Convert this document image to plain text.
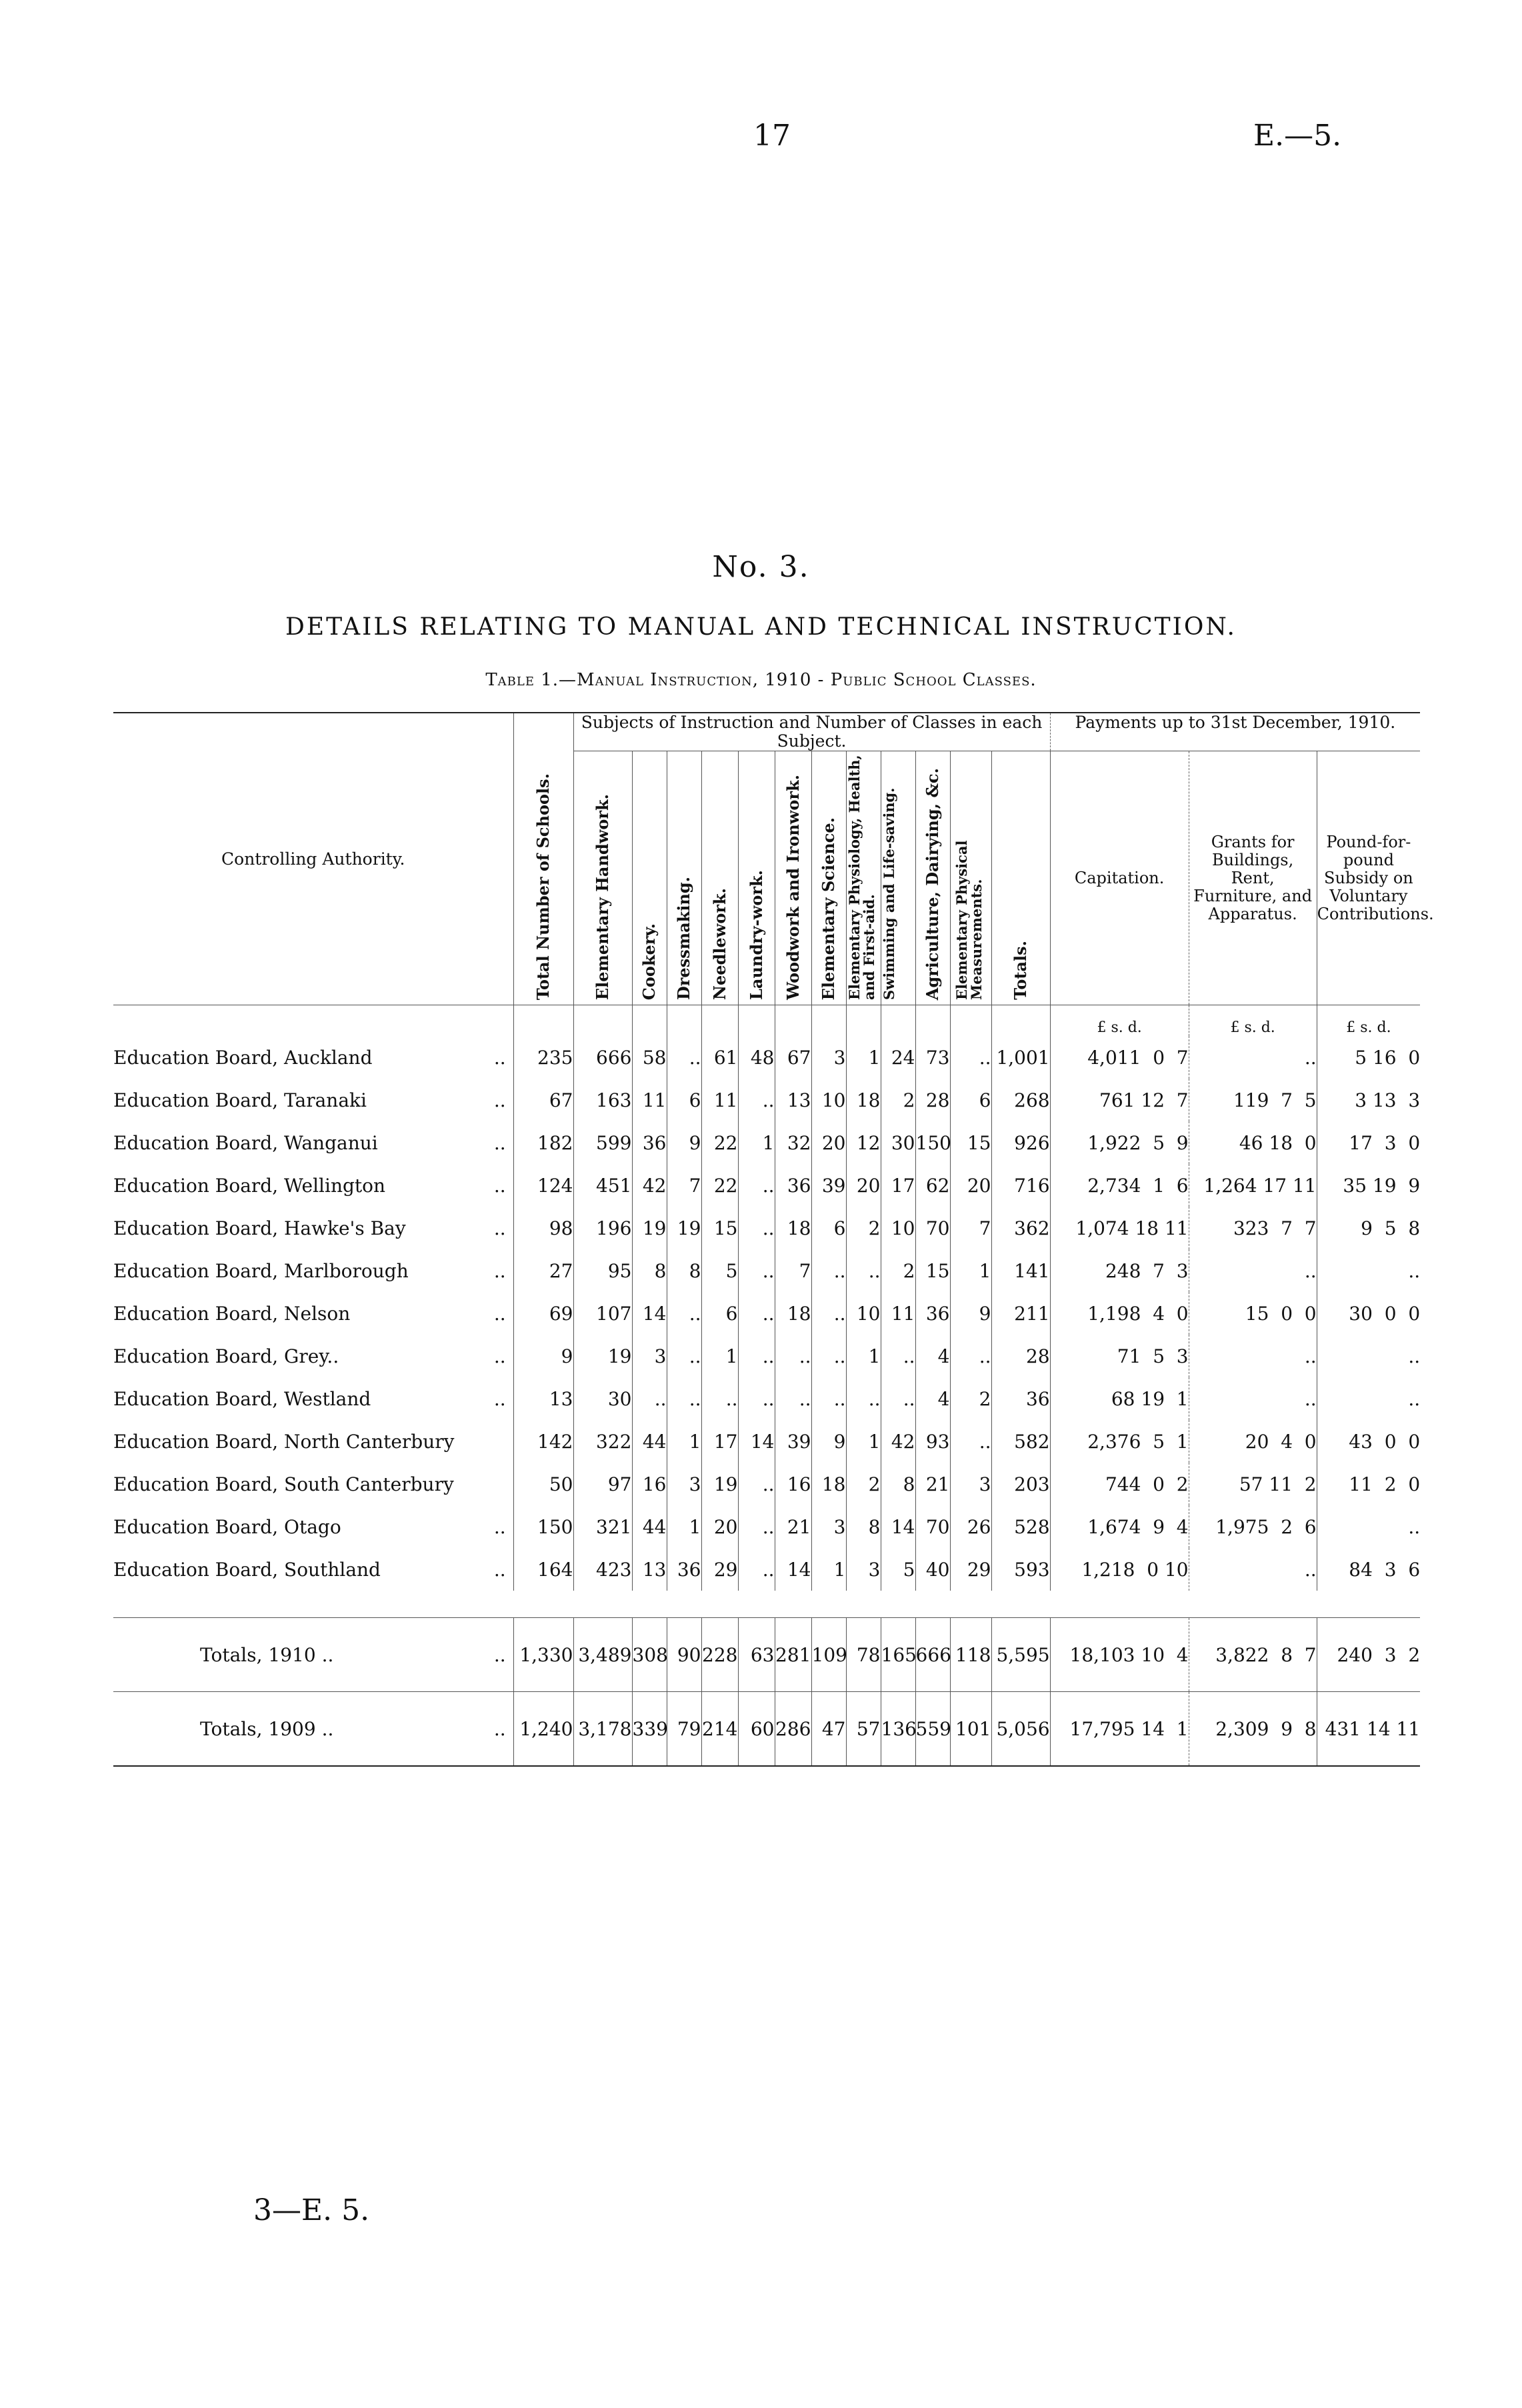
17	E.—5.
No. 3.
DETAILS RELATING TO MANUAL AND TECHNICAL INSTRUCTION.
Table 1.—Manual Instruction, 1910 - Public School Classes.
Controlling Authority.		Total Number of Schools.	Subjects of Instruction and Number of Classes in each Subject.												Payments up to 31st December, 1910.		
			Elementary Handwork.	Cookery.	Dressmaking.	Needlework.	Laundry-work.	Woodwork and Ironwork.	Elementary Science.	Elementary Physiology, Health, and First-aid.	Swimming and Life-saving.	Agriculture, Dairying, &c.	Elementary Physical Measurements.	Totals.	Capitation.	Grants for Buildings, Rent, Furniture, and Apparatus.	Pound-for-pound Subsidy on Voluntary Contributions.
															£ s. d.	£ s. d.	£ s. d.
Education Board, Auckland	..	235	666	58	..	61	48	67	3	1	24	73	..	1,001	4,011  0  7	..	5 16  0
Education Board, Taranaki	..	67	163	11	6	11	..	13	10	18	2	28	6	268	761 12  7	119  7  5	3 13  3
Education Board, Wanganui	..	182	599	36	9	22	1	32	20	12	30	150	15	926	1,922  5  9	46 18  0	17  3  0
Education Board, Wellington	..	124	451	42	7	22	..	36	39	20	17	62	20	716	2,734  1  6	1,264 17 11	35 19  9
Education Board, Hawke's Bay	..	98	196	19	19	15	..	18	6	2	10	70	7	362	1,074 18 11	323  7  7	9  5  8
Education Board, Marlborough	..	27	95	8	8	5	..	7	..	..	2	15	1	141	248  7  3	..	..
Education Board, Nelson	..	69	107	14	..	6	..	18	..	10	11	36	9	211	1,198  4  0	15  0  0	30  0  0
Education Board, Grey..	..	9	19	3	..	1	..	..	..	1	..	4	..	28	71  5  3	..	..
Education Board, Westland	..	13	30	..	..	..	..	..	..	..	..	4	2	36	68 19  1	..	..
Education Board, North Canterbury		142	322	44	1	17	14	39	9	1	42	93	..	582	2,376  5  1	20  4  0	43  0  0
Education Board, South Canterbury		50	97	16	3	19	..	16	18	2	8	21	3	203	744  0  2	57 11  2	11  2  0
Education Board, Otago	..	150	321	44	1	20	..	21	3	8	14	70	26	528	1,674  9  4	1,975  2  6	..
Education Board, Southland	..	164	423	13	36	29	..	14	1	3	5	40	29	593	1,218  0 10	..	84  3  6

Totals, 1910 ..	..	1,330	3,489	308	90	228	63	281	109	78	165	666	118	5,595	18,103 10  4	3,822  8  7	240  3  2
Totals, 1909 ..	..	1,240	3,178	339	79	214	60	286	47	57	136	559	101	5,056	17,795 14  1	2,309  9  8	431 14 11
3—E. 5.
